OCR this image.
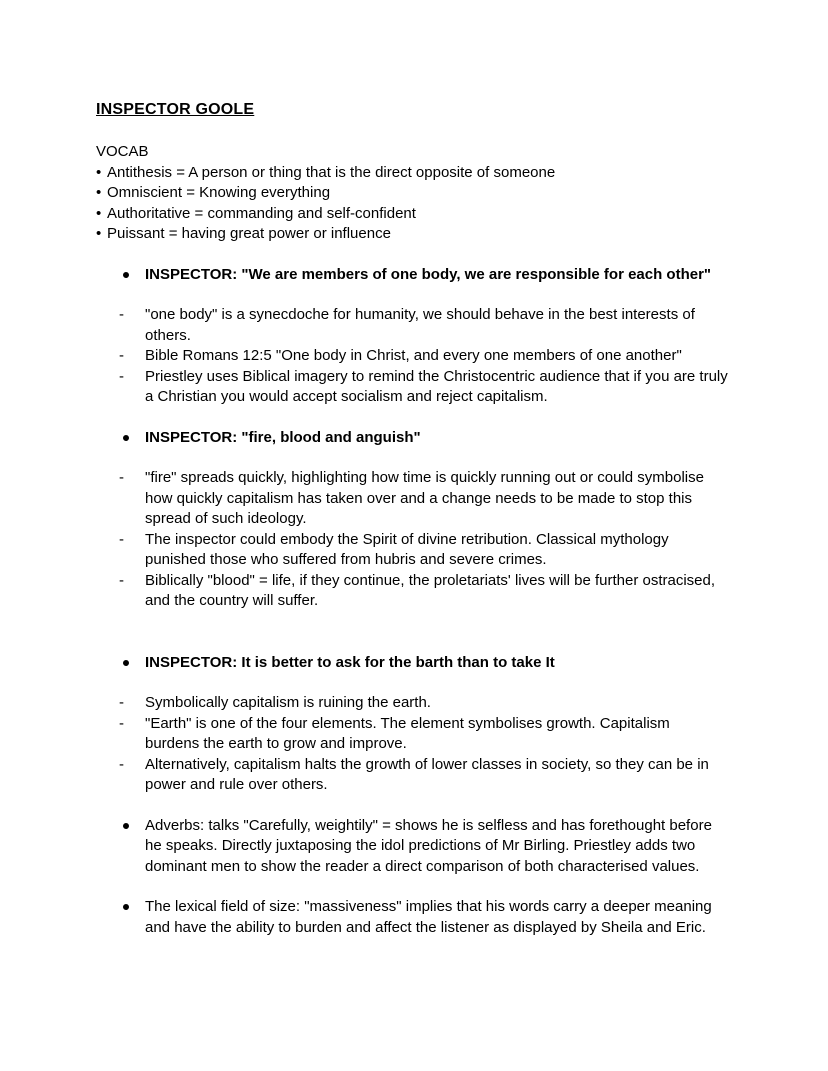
INSPECTOR GOOLE
VOCAB
• Antithesis = A person or thing that is the direct opposite of someone
• Omniscient = Knowing everything
• Authoritative = commanding and self-confident
• Puissant = having great power or influence
INSPECTOR: "We are members of one body, we are responsible for each other"
- "one body" is a synecdoche for humanity, we should behave in the best interests of others.
- Bible Romans 12:5 "One body in Christ, and every one members of one another"
- Priestley uses Biblical imagery to remind the Christocentric audience that if you are truly a Christian you would accept socialism and reject capitalism.
INSPECTOR: "fire, blood and anguish"
- "fire" spreads quickly, highlighting how time is quickly running out or could symbolise how quickly capitalism has taken over and a change needs to be made to stop this spread of such ideology.
- The inspector could embody the Spirit of divine retribution. Classical mythology punished those who suffered from hubris and severe crimes.
- Biblically "blood" = life, if they continue, the proletariats' lives will be further ostracised, and the country will suffer.
INSPECTOR: It is better to ask for the barth than to take It
- Symbolically capitalism is ruining the earth.
- "Earth" is one of the four elements. The element symbolises growth. Capitalism burdens the earth to grow and improve.
- Alternatively, capitalism halts the growth of lower classes in society, so they can be in power and rule over others.
Adverbs: talks "Carefully, weightily" = shows he is selfless and has forethought before he speaks. Directly juxtaposing the idol predictions of Mr Birling. Priestley adds two dominant men to show the reader a direct comparison of both characterised values.
The lexical field of size: "massiveness" implies that his words carry a deeper meaning and have the ability to burden and affect the listener as displayed by Sheila and Eric.
